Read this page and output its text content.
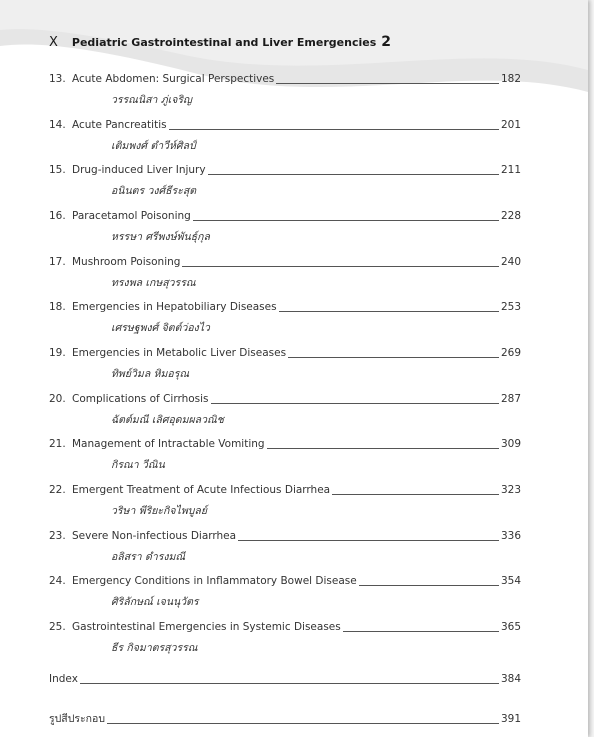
X Pediatric Gastrointestinal and Liver Emergencies 2
13. Acute Abdomen: Surgical Perspectives	182
วรรณนิสา ภู่เจริญ
14. Acute Pancreatitis	201
เติมพงศ์ ตำวีห์ศิลป์
15. Drug-induced Liver Injury	211
อนินตร วงศ์ธีระสุต
16. Paracetamol Poisoning	228
หรรษา ศรีพงษ์พันธุ์กุล
17. Mushroom Poisoning	240
ทรงพล เกษสุวรรณ
18. Emergencies in Hepatobiliary Diseases	253
เศรษฐพงศ์ จิตต์ว่องไว
19. Emergencies in Metabolic Liver Diseases	269
ทิพย์วิมล หิมอรุณ
20. Complications of Cirrhosis	287
ฉัตต์มณี เลิศอุดมผลวณิช
21. Management of Intractable Vomiting	309
กิรณา วีณิน
22. Emergent Treatment of Acute Infectious Diarrhea	323
วริษา พีริยะกิจไพบูลย์
23. Severe Non-infectious Diarrhea	336
อลิสรา ดำรงมณี
24. Emergency Conditions in Inflammatory Bowel Disease	354
ศิริลักษณ์ เจนนุวัตร
25. Gastrointestinal Emergencies in Systemic Diseases	365
ธีร กิจมาตรสุวรรณ
Index	384
รูปสีประกอบ	391
